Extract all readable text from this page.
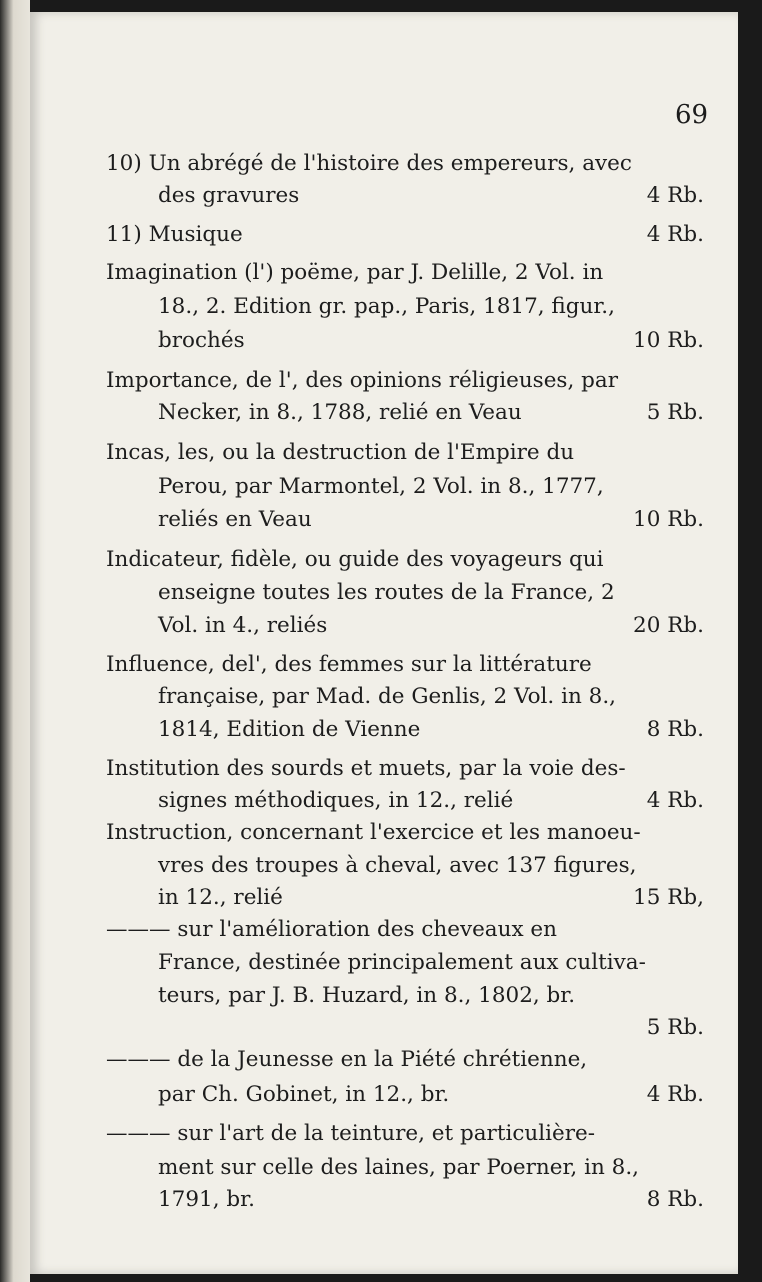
69
10) Un abrégé de l'histoire des empereurs, avec
des gravures	4 Rb.
11) Musique	4 Rb.
Imagination (l') poëme, par J. Delille, 2 Vol. in
18., 2. Edition gr. pap., Paris, 1817, figur.,
brochés	10 Rb.
Importance, de l', des opinions réligieuses, par
Necker, in 8., 1788, relié en Veau	5 Rb.
Incas, les, ou la destruction de l'Empire du
Perou, par Marmontel, 2 Vol. in 8., 1777,
reliés en Veau	10 Rb.
Indicateur, fidèle, ou guide des voyageurs qui
enseigne toutes les routes de la France, 2
Vol. in 4., reliés	20 Rb.
Influence, del', des femmes sur la littérature
française, par Mad. de Genlis, 2 Vol. in 8.,
1814, Edition de Vienne	8 Rb.
Institution des sourds et muets, par la voie des-
signes méthodiques, in 12., relié	4 Rb.
Instruction, concernant l'exercice et les manoeu-
vres des troupes à cheval, avec 137 figures,
in 12., relié	15 Rb,
——— sur l'amélioration des cheveaux en
France, destinée principalement aux cultiva-
teurs, par J. B. Huzard, in 8., 1802, br.
5 Rb.
——— de la Jeunesse en la Piété chrétienne,
par Ch. Gobinet, in 12., br.	4 Rb.
——— sur l'art de la teinture, et particulière-
ment sur celle des laines, par Poerner, in 8.,
1791, br.	8 Rb.
